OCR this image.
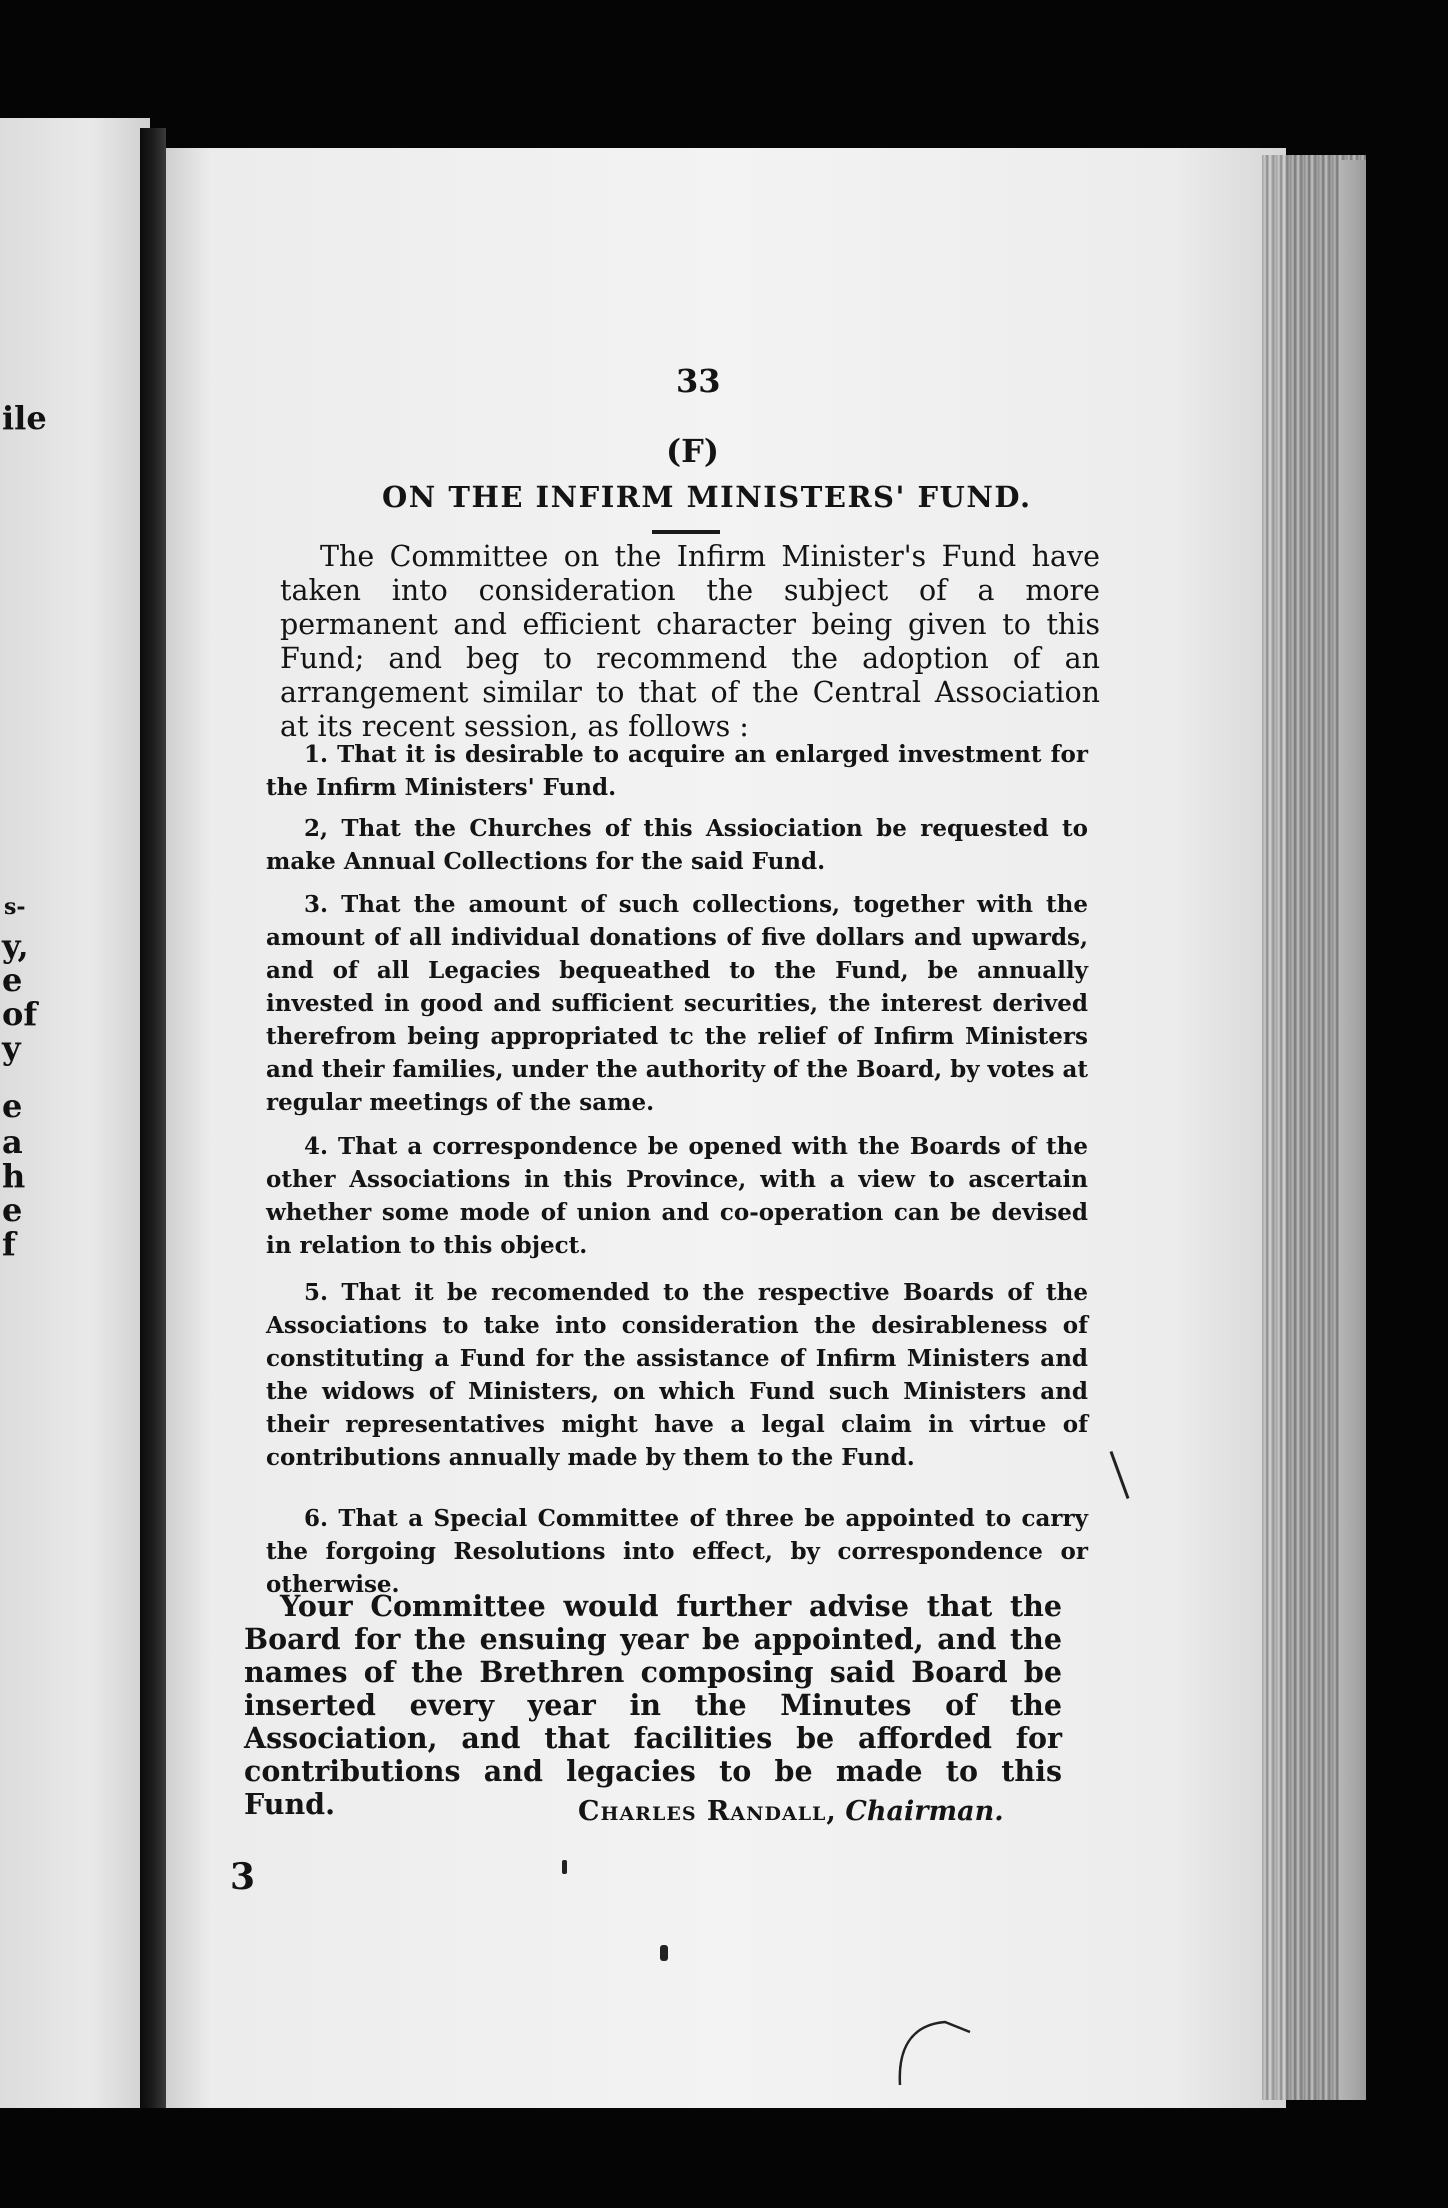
ile
s-
y,
e
of
y
e
a
h
e
f
33
(F)
ON THE INFIRM MINISTERS' FUND.

The Committee on the Infirm Minister's Fund have taken into consideration the subject of a more permanent and efficient character being given to this Fund; and beg to recommend the adoption of an arrangement similar to that of the Central Association at its recent session, as follows :

1. That it is desirable to acquire an enlarged investment for the Infirm Ministers' Fund.

2, That the Churches of this Assiociation be requested to make Annual Collections for the said Fund.

3. That the amount of such collections, together with the amount of all individual donations of five dollars and upwards, and of all Legacies bequeathed to the Fund, be annually invested in good and sufficient securities, the interest derived therefrom being appropriated tc the relief of Infirm Ministers and their families, under the authority of the Board, by votes at regular meetings of the same.

4. That a correspondence be opened with the Boards of the other Associations in this Province, with a view to ascertain whether some mode of union and co-operation can be devised in relation to this object.

5. That it be recomended to the respective Boards of the Associations to take into consideration the desirableness of constituting a Fund for the assistance of Infirm Ministers and the widows of Ministers, on which Fund such Ministers and their representatives might have a legal claim in virtue of contributions annually made by them to the Fund.

6. That a Special Committee of three be appointed to carry the forgoing Resolutions into effect, by correspondence or otherwise.

Your Committee would further advise that the Board for the ensuing year be appointed, and the names of the Brethren composing said Board be inserted every year in the Minutes of the Association, and that facilities be afforded for contributions and legacies to be made to this Fund.	Charles Randall, Chairman.
3
